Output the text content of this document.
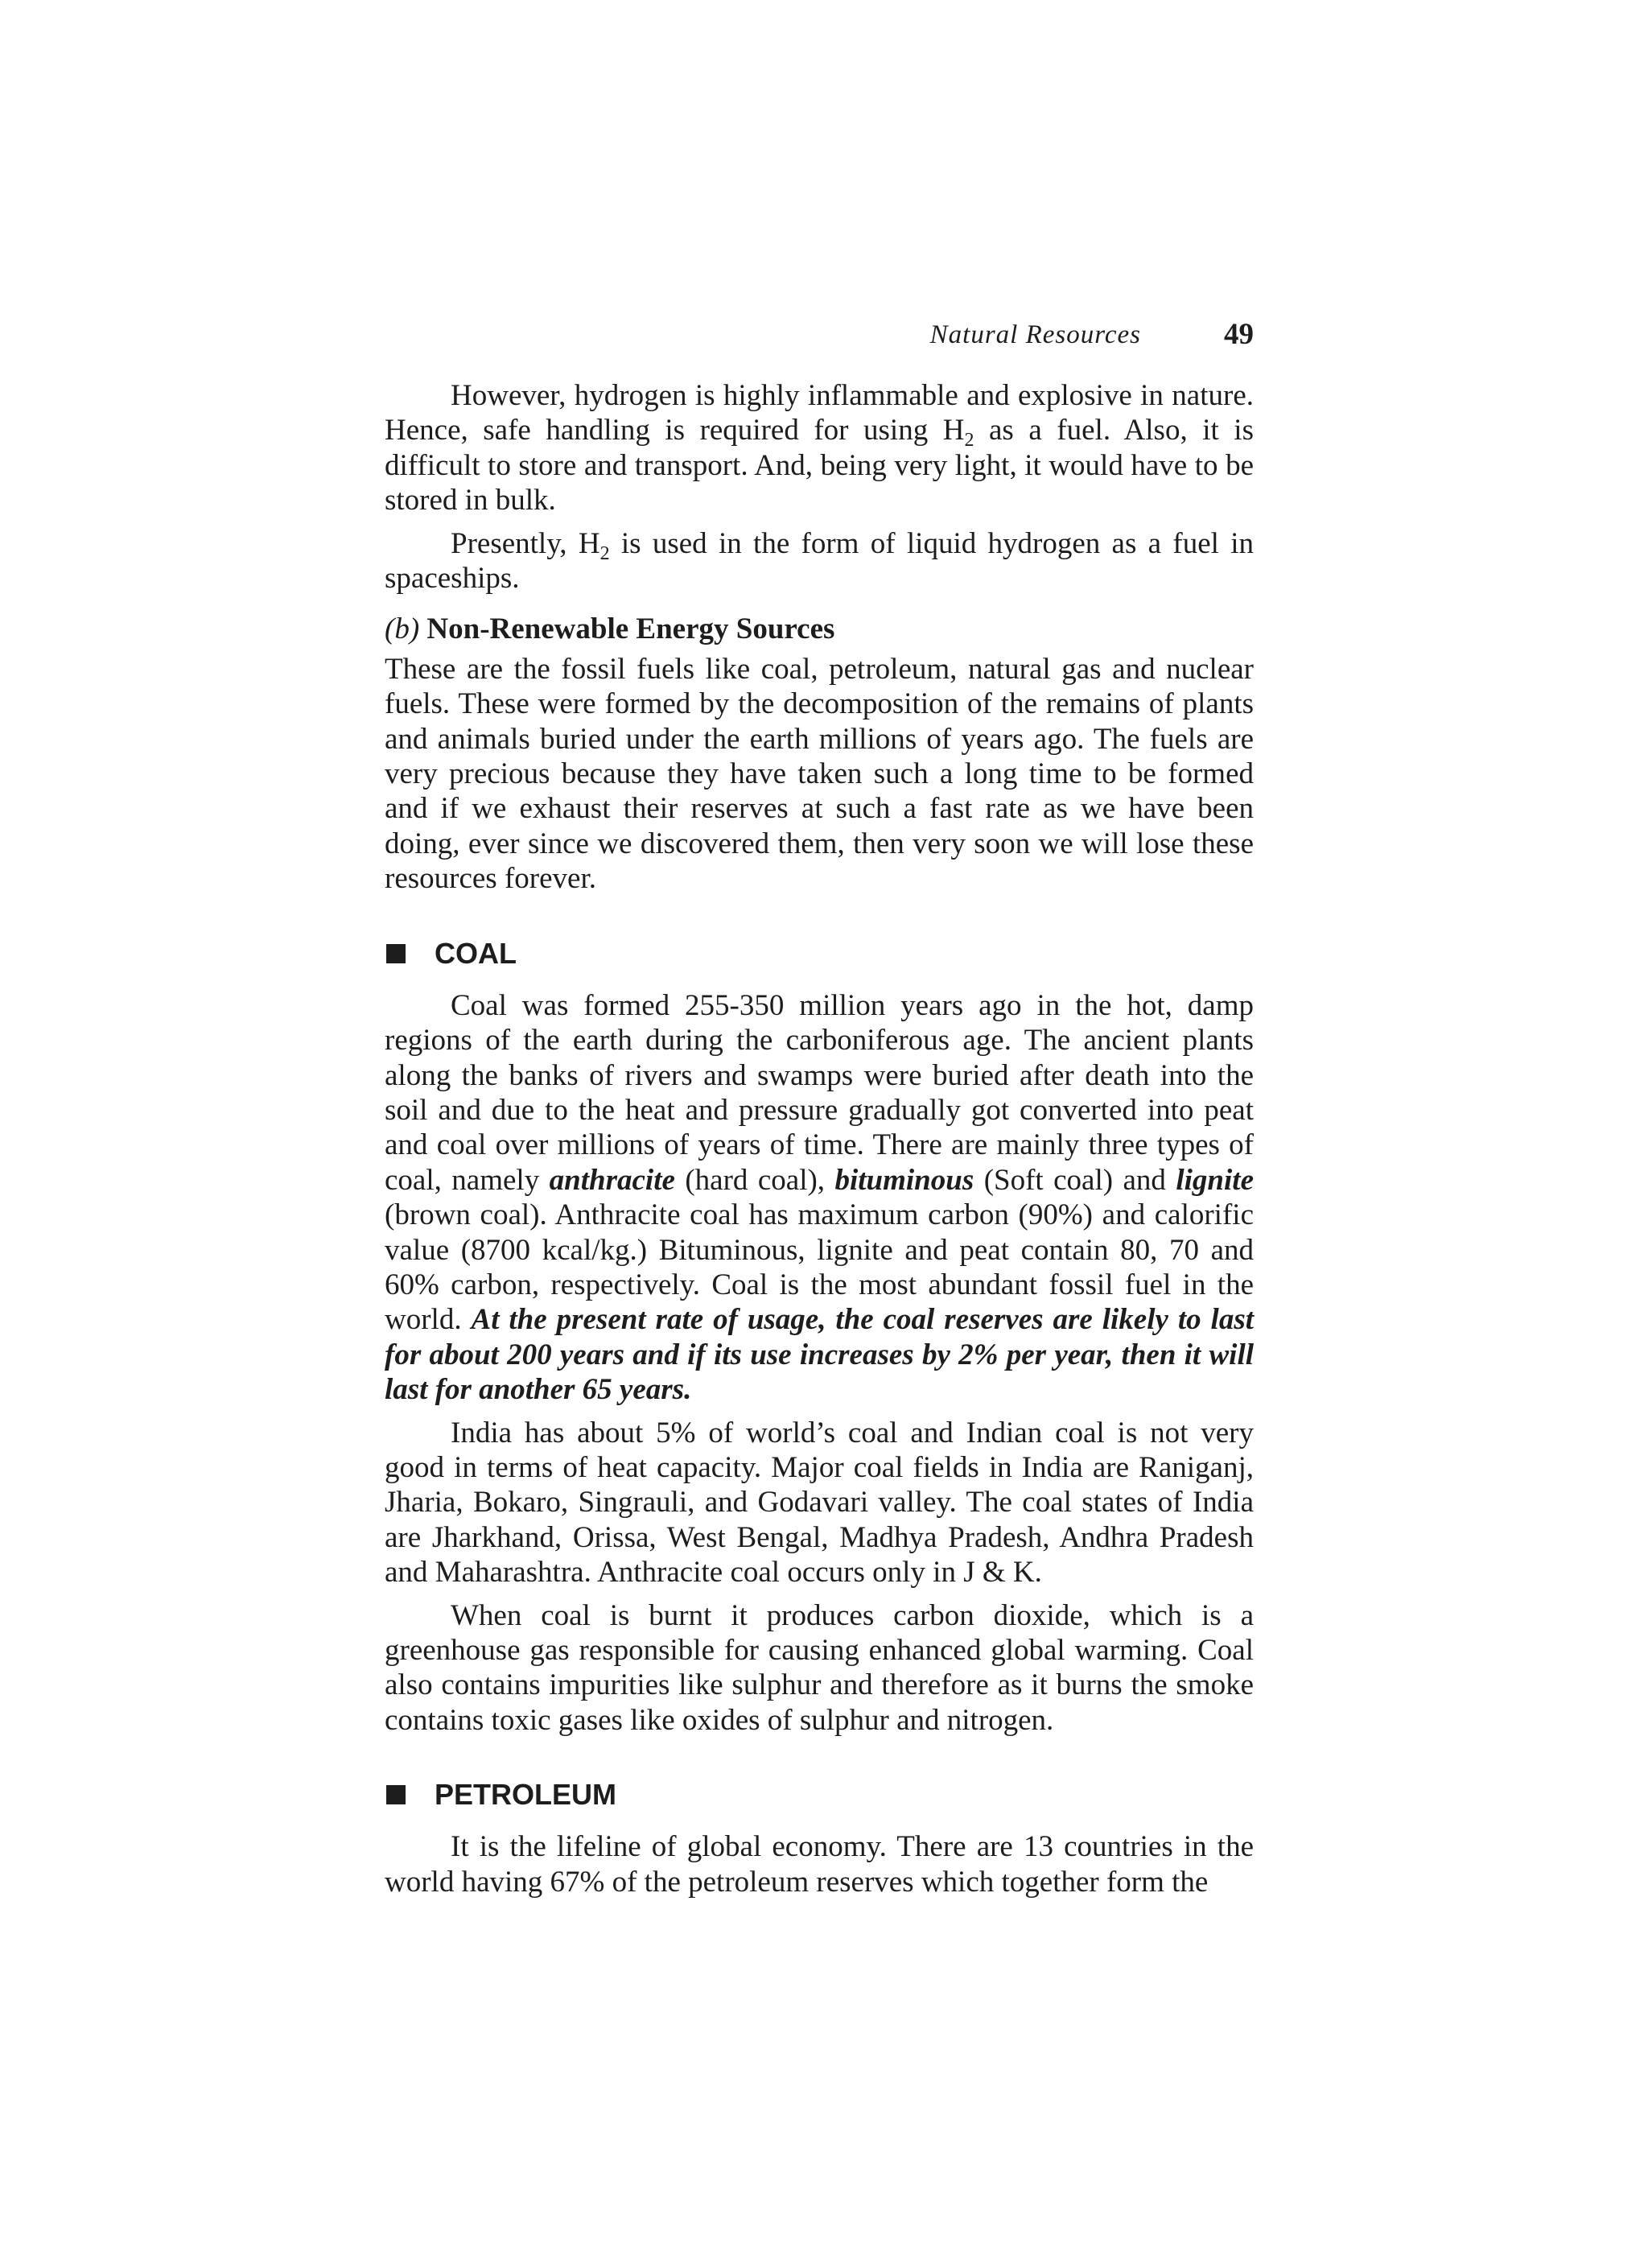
Natural Resources	49

However, hydrogen is highly inflammable and explosive in nature. Hence, safe handling is required for using $H_2$ as a fuel. Also, it is difficult to store and transport. And, being very light, it would have to be stored in bulk.

Presently, $H_2$ is used in the form of liquid hydrogen as a fuel in spaceships.

(b) Non-Renewable Energy Sources

These are the fossil fuels like coal, petroleum, natural gas and nuclear fuels. These were formed by the decomposition of the remains of plants and animals buried under the earth millions of years ago. The fuels are very precious because they have taken such a long time to be formed and if we exhaust their reserves at such a fast rate as we have been doing, ever since we discovered them, then very soon we will lose these resources forever.

COAL

Coal was formed 255-350 million years ago in the hot, damp regions of the earth during the carboniferous age. The ancient plants along the banks of rivers and swamps were buried after death into the soil and due to the heat and pressure gradually got converted into peat and coal over millions of years of time. There are mainly three types of coal, namely anthracite (hard coal), bituminous (Soft coal) and lignite (brown coal). Anthracite coal has maximum carbon (90%) and calorific value (8700 kcal/kg.) Bituminous, lignite and peat contain 80, 70 and 60% carbon, respectively. Coal is the most abundant fossil fuel in the world. At the present rate of usage, the coal reserves are likely to last for about 200 years and if its use increases by 2% per year, then it will last for another 65 years.

India has about 5% of world’s coal and Indian coal is not very good in terms of heat capacity. Major coal fields in India are Raniganj, Jharia, Bokaro, Singrauli, and Godavari valley. The coal states of India are Jharkhand, Orissa, West Bengal, Madhya Pradesh, Andhra Pradesh and Maharashtra. Anthracite coal occurs only in J & K.

When coal is burnt it produces carbon dioxide, which is a greenhouse gas responsible for causing enhanced global warming. Coal also contains impurities like sulphur and therefore as it burns the smoke contains toxic gases like oxides of sulphur and nitrogen.

PETROLEUM

It is the lifeline of global economy. There are 13 countries in the world having 67% of the petroleum reserves which together form the
